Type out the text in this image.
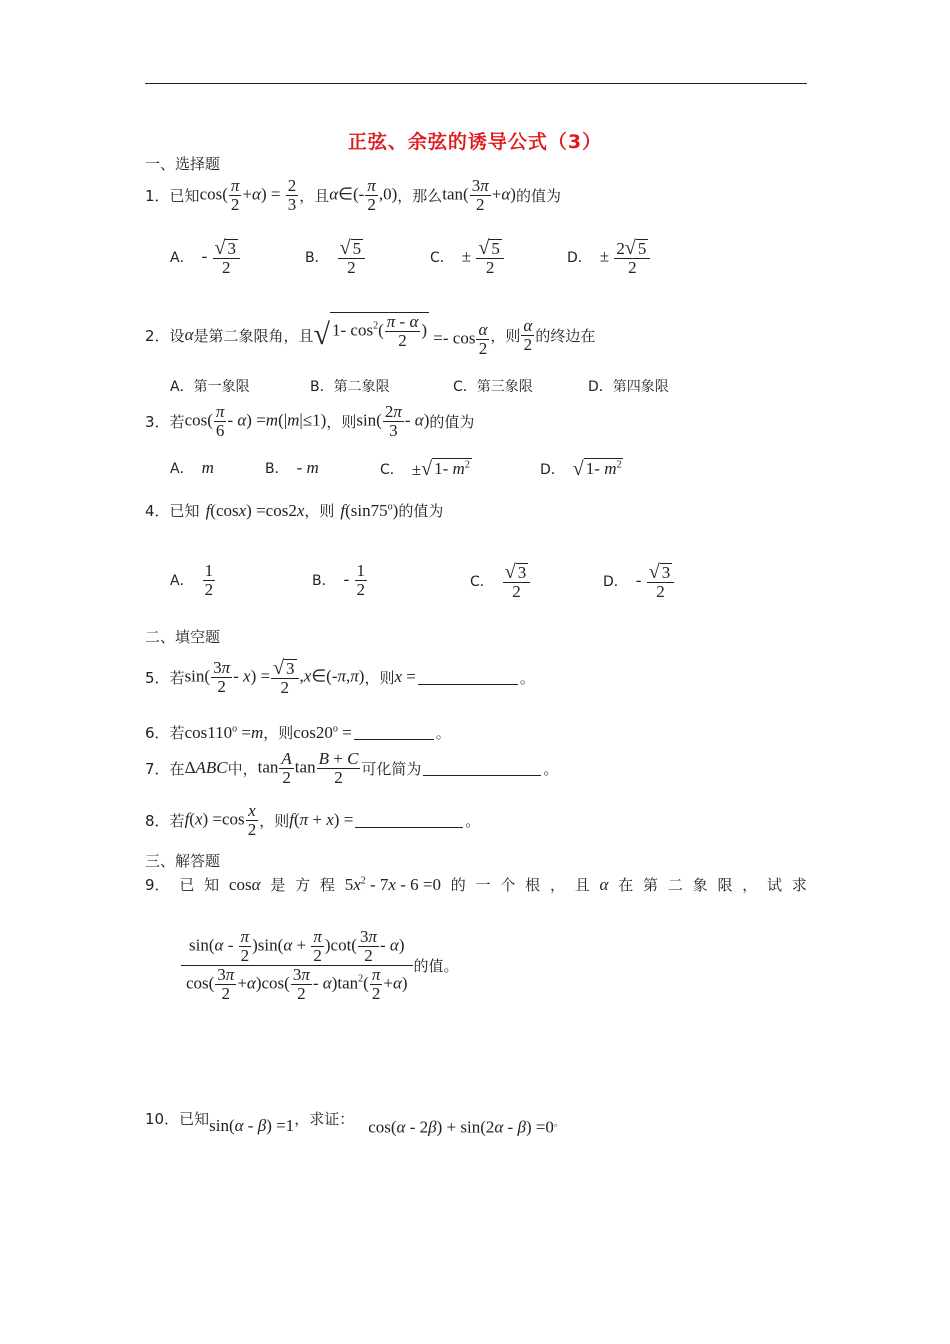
正弦、余弦的诱导公式（3）
一、选择题
1． 已知 $\cos( \frac{\pi}{2} +\alpha) = \frac{2}{3}$ ，且 α∈(- $\frac{\pi}{2} ,0$) ，那么 $\tan( \frac{3\pi}{2} +\alpha)$ 的值为
A． - $\frac{√ 3}{2}$	B． $\frac{√ 5}{2}$	C． ± $\frac{√ 5}{2}$	D． ± $\frac{2 √ 5}{2}$
2． 设 α 是第二象限角，且 √ 1- $\cos^2( \frac{\pi - \alpha}{2}$ ) =- $\cos \frac{\alpha}{2}$ ，则 $\frac{\alpha}{2}$ 的终边在
A．第一象限	B．第二象限	C．第三象限	D．第四象限
3． 若 $\cos( \frac{\pi}{6} - \alpha) =m(|m|\le 1)$ ，则 $\sin( \frac{2\pi}{3} - \alpha)$ 的值为
A． m	B． - m	C． ± √ 1- $m^2$	D． √ 1- $m^2$
4． 已知 f(cosx) =cos2x ，则 f(sin75$^o$) 的值为
A． $\frac{1}{2}$	B． - $\frac{1}{2}$	C． $\frac{√ 3}{2}$	D． - $\frac{√ 3}{2}$
二、填空题
5． 若 $\sin( \frac{3\pi}{2} - x) = \frac{√ 3}{2}$ ,x∈(-π,π) ，则 x =	。
6． 若 $\cos 110^o =m$ ，则 $\cos 20^o$ =	。
7． 在 ΔABC 中， $\tan \frac{A}{2}$ $\tan \frac{B + C}{2}$ 可化简为	。
8． 若 $f(x) =\cos \frac{x}{2}$ ，则 f(π + x) =	。
三、解答题
9． 已 知 cosα 是 方 程 $5x^2 - 7x - 6 =0$ 的 一 个 根 ， 且 α 在 第 二 象 限 ， 试 求
$\frac{\sin(\alpha - \frac{\pi}{2} )\sin(\alpha + \frac{\pi}{2} )\cot( \frac{3\pi}{2} - \alpha)}{\cos( \frac{3\pi}{2} +\alpha)\cos( \frac{3\pi}{2} - \alpha)\tan^2( \frac{\pi}{2} +\alpha)}$ 的值。
10． 已知 sin(α - β) =1 ，求证： cos(α - 2β) + sin(2α - β) =0。
